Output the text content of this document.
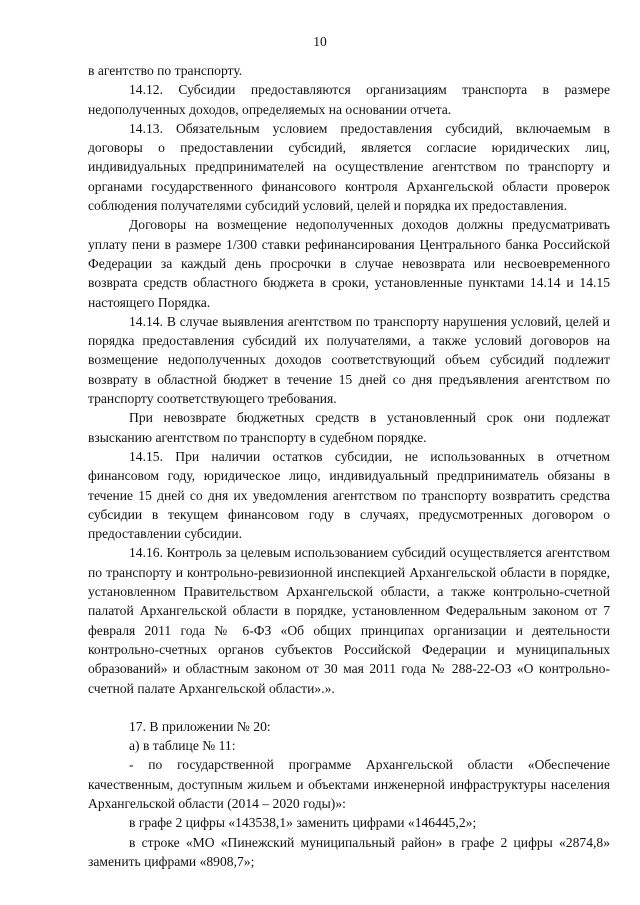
10

в агентство по транспорту.

14.12. Субсидии предоставляются организациям транспорта в размере недополученных доходов, определяемых на основании отчета.

14.13. Обязательным условием предоставления субсидий, включаемым в договоры о предоставлении субсидий, является согласие юридических лиц, индивидуальных предпринимателей на осуществление агентством по транспорту и органами государственного финансового контроля Архангельской области проверок соблюдения получателями субсидий условий, целей и порядка их предоставления.

Договоры на возмещение недополученных доходов должны предусматривать уплату пени в размере 1/300 ставки рефинансирования Центрального банка Российской Федерации за каждый день просрочки в случае невозврата или несвоевременного возврата средств областного бюджета в сроки, установленные пунктами 14.14 и 14.15 настоящего Порядка.

14.14. В случае выявления агентством по транспорту нарушения условий, целей и порядка предоставления субсидий их получателями, а также условий договоров на возмещение недополученных доходов соответствующий объем субсидий подлежит возврату в областной бюджет в течение 15 дней со дня предъявления агентством по транспорту соответствующего требования.

При невозврате бюджетных средств в установленный срок они подлежат взысканию агентством по транспорту в судебном порядке.

14.15. При наличии остатков субсидии, не использованных в отчетном финансовом году, юридическое лицо, индивидуальный предприниматель обязаны в течение 15 дней со дня их уведомления агентством по транспорту возвратить средства субсидии в текущем финансовом году в случаях, предусмотренных договором о предоставлении субсидии.

14.16. Контроль за целевым использованием субсидий осуществляется агентством по транспорту и контрольно-ревизионной инспекцией Архангельской области в порядке, установленном Правительством Архангельской области, а также контрольно-счетной палатой Архангельской области в порядке, установленном Федеральным законом от 7 февраля 2011 года № 6-ФЗ «Об общих принципах организации и деятельности контрольно-счетных органов субъектов Российской Федерации и муниципальных образований» и областным законом от 30 мая 2011 года № 288-22-ОЗ «О контрольно-счетной палате Архангельской области».».

17. В приложении № 20:

а) в таблице № 11:

- по государственной программе Архангельской области «Обеспечение качественным, доступным жильем и объектами инженерной инфраструктуры населения Архангельской области (2014 – 2020 годы)»:

в графе 2 цифры «143538,1» заменить цифрами «146445,2»;

в строке «МО «Пинежский муниципальный район» в графе 2 цифры «2874,8» заменить цифрами «8908,7»;
